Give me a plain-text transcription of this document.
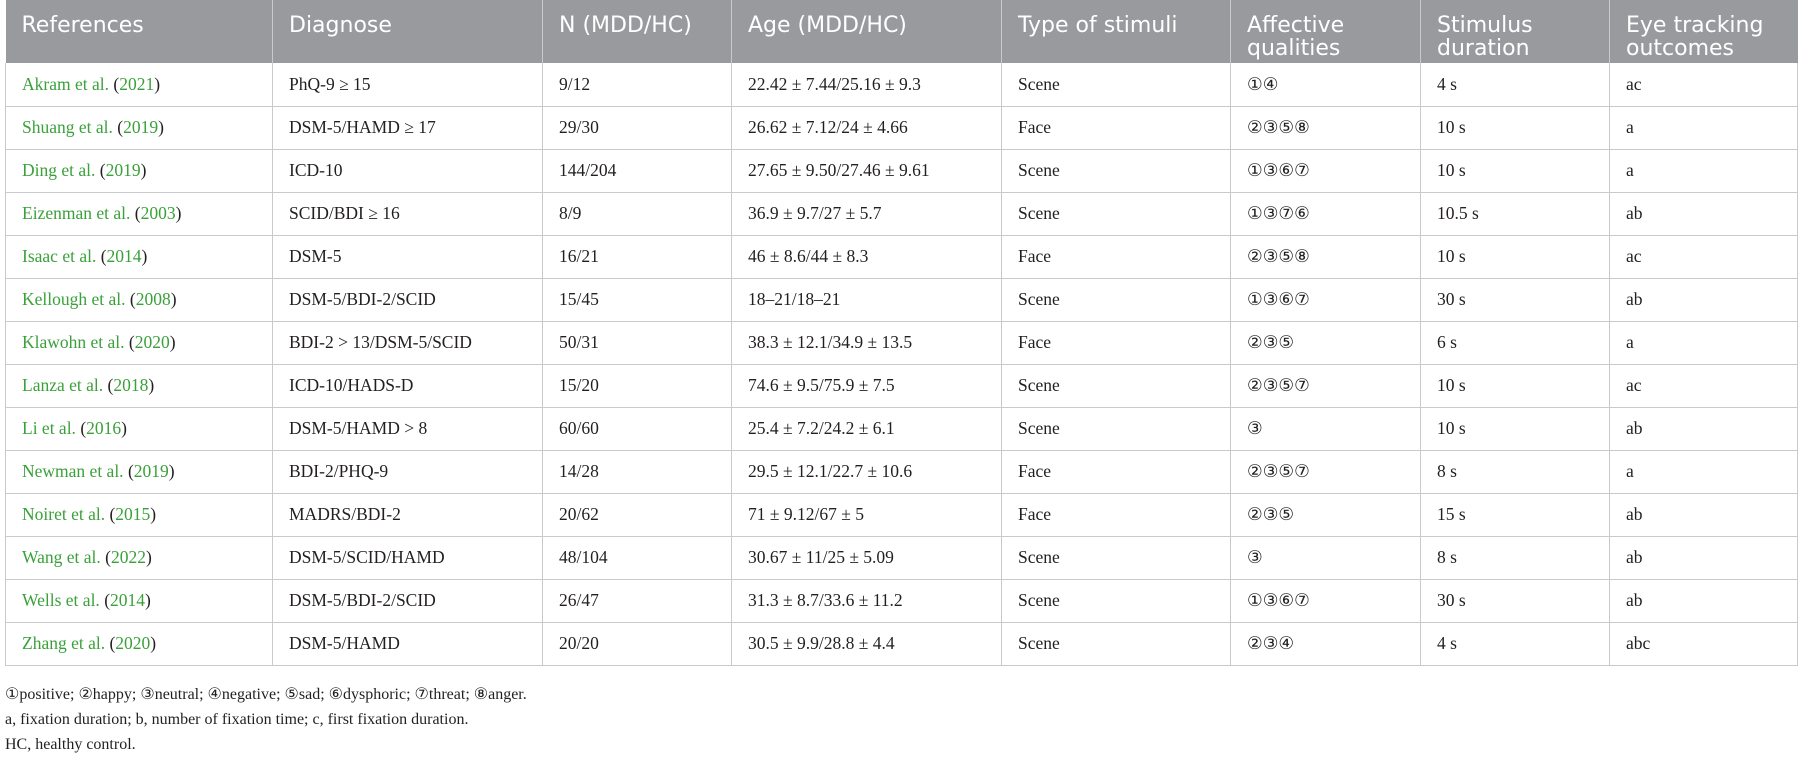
References	Diagnose	N (MDD/HC)	Age (MDD/HC)	Type of stimuli	Affective qualities	Stimulus duration	Eye tracking outcomes
Akram et al. (2021)	PhQ-9 ≥ 15	9/12	22.42 ± 7.44/25.16 ± 9.3	Scene	①④	4 s	ac
Shuang et al. (2019)	DSM-5/HAMD ≥ 17	29/30	26.62 ± 7.12/24 ± 4.66	Face	②③⑤⑧	10 s	a
Ding et al. (2019)	ICD-10	144/204	27.65 ± 9.50/27.46 ± 9.61	Scene	①③⑥⑦	10 s	a
Eizenman et al. (2003)	SCID/BDI ≥ 16	8/9	36.9 ± 9.7/27 ± 5.7	Scene	①③⑦⑥	10.5 s	ab
Isaac et al. (2014)	DSM-5	16/21	46 ± 8.6/44 ± 8.3	Face	②③⑤⑧	10 s	ac
Kellough et al. (2008)	DSM-5/BDI-2/SCID	15/45	18–21/18–21	Scene	①③⑥⑦	30 s	ab
Klawohn et al. (2020)	BDI-2 > 13/DSM-5/SCID	50/31	38.3 ± 12.1/34.9 ± 13.5	Face	②③⑤	6 s	a
Lanza et al. (2018)	ICD-10/HADS-D	15/20	74.6 ± 9.5/75.9 ± 7.5	Scene	②③⑤⑦	10 s	ac
Li et al. (2016)	DSM-5/HAMD > 8	60/60	25.4 ± 7.2/24.2 ± 6.1	Scene	③	10 s	ab
Newman et al. (2019)	BDI-2/PHQ-9	14/28	29.5 ± 12.1/22.7 ± 10.6	Face	②③⑤⑦	8 s	a
Noiret et al. (2015)	MADRS/BDI-2	20/62	71 ± 9.12/67 ± 5	Face	②③⑤	15 s	ab
Wang et al. (2022)	DSM-5/SCID/HAMD	48/104	30.67 ± 11/25 ± 5.09	Scene	③	8 s	ab
Wells et al. (2014)	DSM-5/BDI-2/SCID	26/47	31.3 ± 8.7/33.6 ± 11.2	Scene	①③⑥⑦	30 s	ab
Zhang et al. (2020)	DSM-5/HAMD	20/20	30.5 ± 9.9/28.8 ± 4.4	Scene	②③④	4 s	abc
①positive; ②happy; ③neutral; ④negative; ⑤sad; ⑥dysphoric; ⑦threat; ⑧anger.
a, fixation duration; b, number of fixation time; c, first fixation duration.
HC, healthy control.
